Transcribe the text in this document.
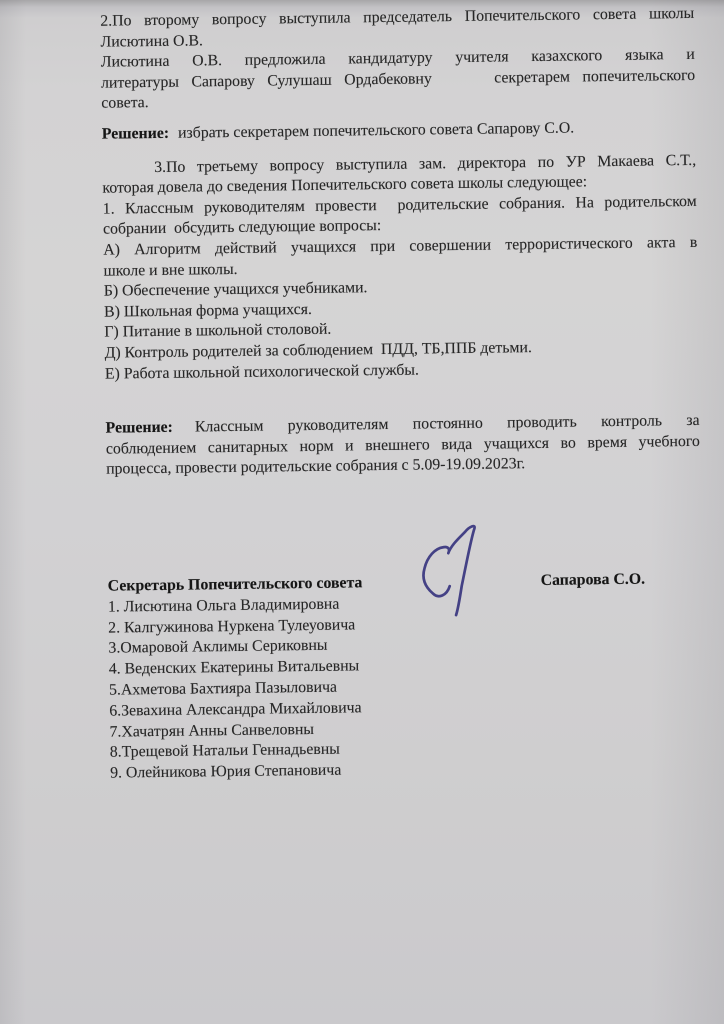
2.По второму вопросу выступила председатель Попечительского совета школы
Лисютина О.В.
Лисютина О.В. предложила кандидатуру учителя казахского языка и
литературы Сапарову Сулушаш Ордабековну     секретарем попечительского
совета.
Решение: избрать секретарем попечительского совета Сапарову С.О.
3.По третьему вопросу выступила зам. директора по УР Макаева С.Т.,
которая довела до сведения Попечительского совета школы следующее:
1. Классным руководителям провести  родительские собрания. На родительском
собрании  обсудить следующие вопросы:
А) Алгоритм действий учащихся при совершении террористического акта в
школе и вне школы.
Б) Обеспечение учащихся учебниками.
В) Школьная форма учащихся.
Г) Питание в школьной столовой.
Д) Контроль родителей за соблюдением  ПДД, ТБ,ППБ детьми.
Е) Работа школьной психологической службы.
Решение: Классным руководителям постоянно проводить контроль за
соблюдением санитарных норм и внешнего вида учащихся во время учебного
процесса, провести родительские собрания с 5.09-19.09.2023г.
Секретарь Попечительского совета	Сапарова С.О.
1. Лисютина Ольга Владимировна
2. Калгужинова Нуркена Тулеуовича
3.Омаровой Аклимы Сериковны
4. Веденских Екатерины Витальевны
5.Ахметова Бахтияра Пазыловича
6.Зевахина Александра Михайловича
7.Хачатрян Анны Санвеловны
8.Трещевой Натальи Геннадьевны
9. Олейникова Юрия Степановича
